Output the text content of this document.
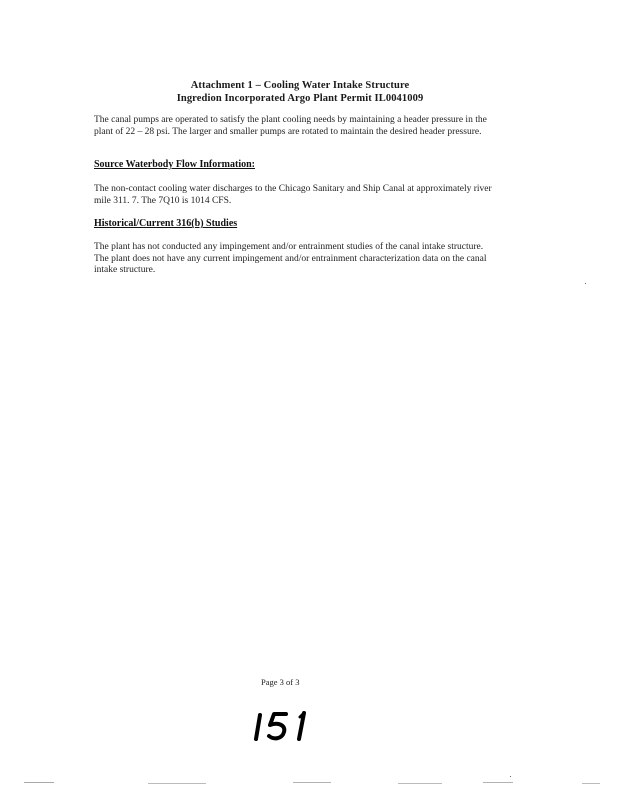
Attachment 1 – Cooling Water Intake Structure

Ingredion Incorporated Argo Plant Permit IL0041009

The canal pumps are operated to satisfy the plant cooling needs by maintaining a header pressure in the plant of 22 – 28 psi. The larger and smaller pumps are rotated to maintain the desired header pressure.

Source Waterbody Flow Information:

The non-contact cooling water discharges to the Chicago Sanitary and Ship Canal at approximately river mile 311. 7. The 7Q10 is 1014 CFS.

Historical/Current 316(b) Studies

The plant has not conducted any impingement and/or entrainment studies of the canal intake structure. The plant does not have any current impingement and/or entrainment characterization data on the canal intake structure.

Page 3 of 3
